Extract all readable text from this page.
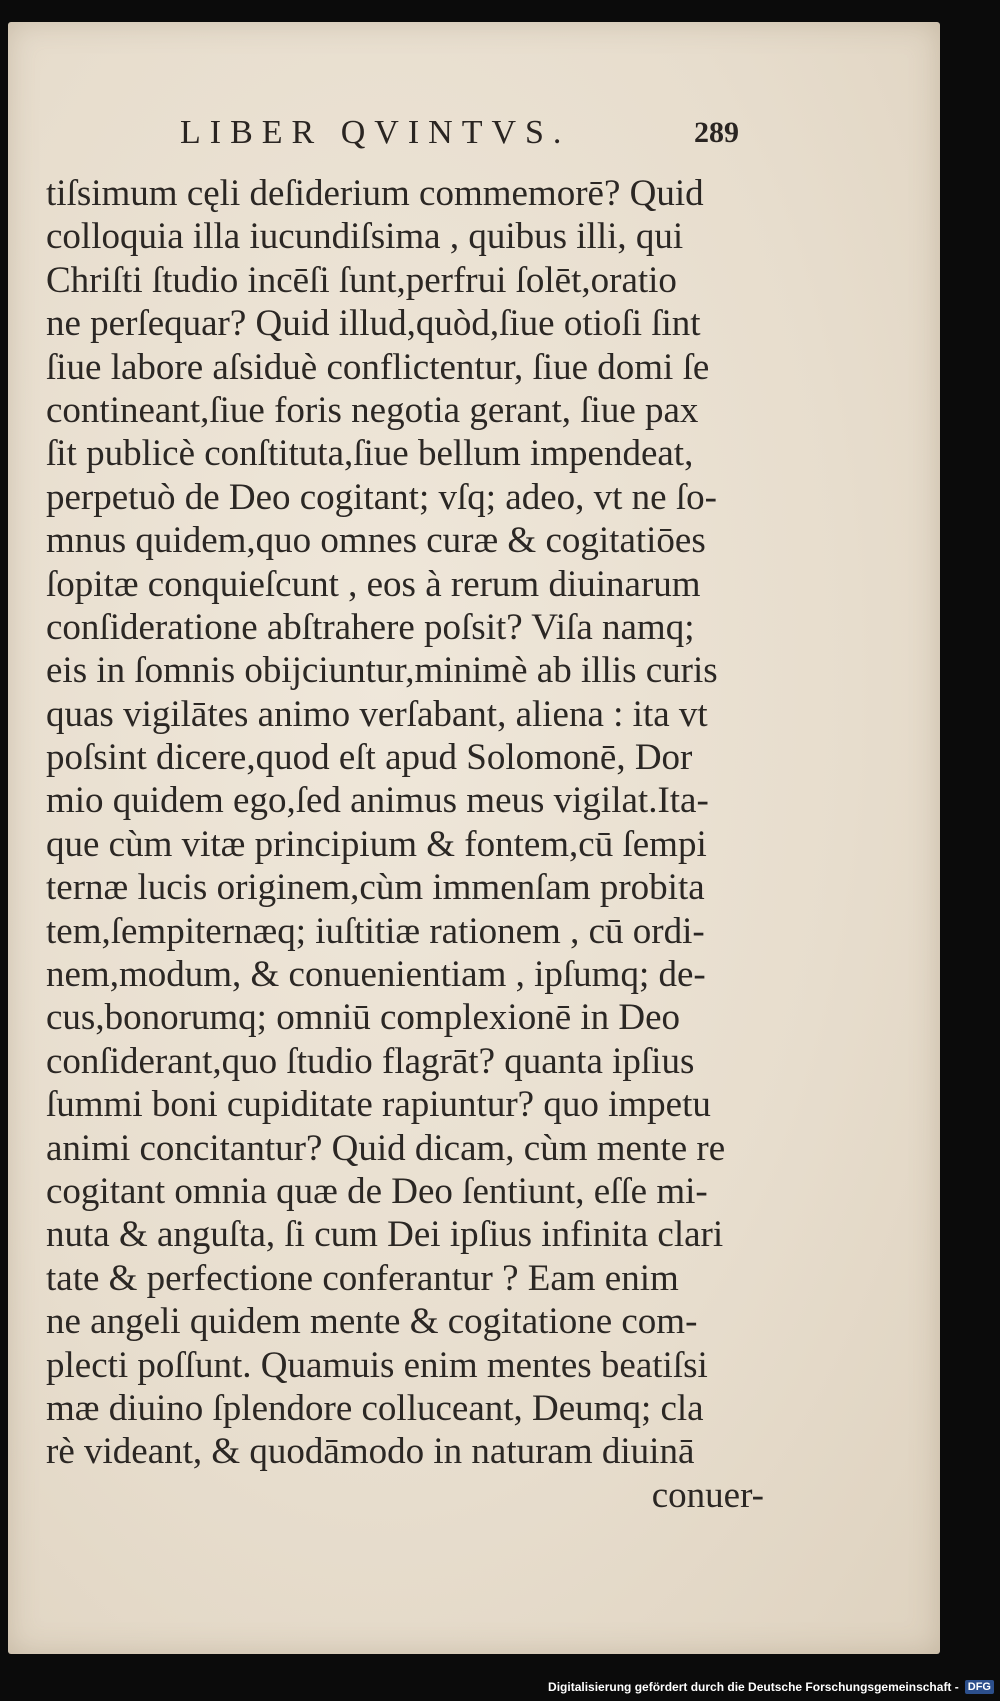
LIBER QVINTVS.	289
tiſsimum cęli deſiderium commemorē? Quid
colloquia illa iucundiſsima , quibus illi, qui
Chriſti ſtudio incēſi ſunt,perfrui ſolēt,oratio
ne perſequar? Quid illud,quòd,ſiue otioſi ſint
ſiue labore aſsiduè conflictentur, ſiue domi ſe
contineant,ſiue foris negotia gerant, ſiue pax
ſit publicè conſtituta,ſiue bellum impendeat,
perpetuò de Deo cogitant; vſq; adeo, vt ne ſo-
mnus quidem,quo omnes curæ & cogitatiōes
ſopitæ conquieſcunt , eos à rerum diuinarum
conſideratione abſtrahere poſsit? Viſa namq;
eis in ſomnis obijciuntur,minimè ab illis curis
quas vigilātes animo verſabant, aliena : ita vt
poſsint dicere,quod eſt apud Solomonē, Dor
mio quidem ego,ſed animus meus vigilat.Ita-
que cùm vitæ principium & fontem,cū ſempi
ternæ lucis originem,cùm immenſam probita
tem,ſempiternæq; iuſtitiæ rationem , cū ordi-
nem,modum, & conuenientiam , ipſumq; de-
cus,bonorumq; omniū complexionē in Deo
conſiderant,quo ſtudio flagrāt? quanta ipſius
ſummi boni cupiditate rapiuntur? quo impetu
animi concitantur? Quid dicam, cùm mente re
cogitant omnia quæ de Deo ſentiunt, eſſe mi-
nuta & anguſta, ſi cum Dei ipſius infinita clari
tate & perfectione conferantur ? Eam enim
ne angeli quidem mente & cogitatione com-
plecti poſſunt. Quamuis enim mentes beatiſsi
mæ diuino ſplendore colluceant, Deumq; cla
rè videant, & quodāmodo in naturam diuinā
conuer-
Digitalisierung gefördert durch die Deutsche Forschungsgemeinschaft - DFG
